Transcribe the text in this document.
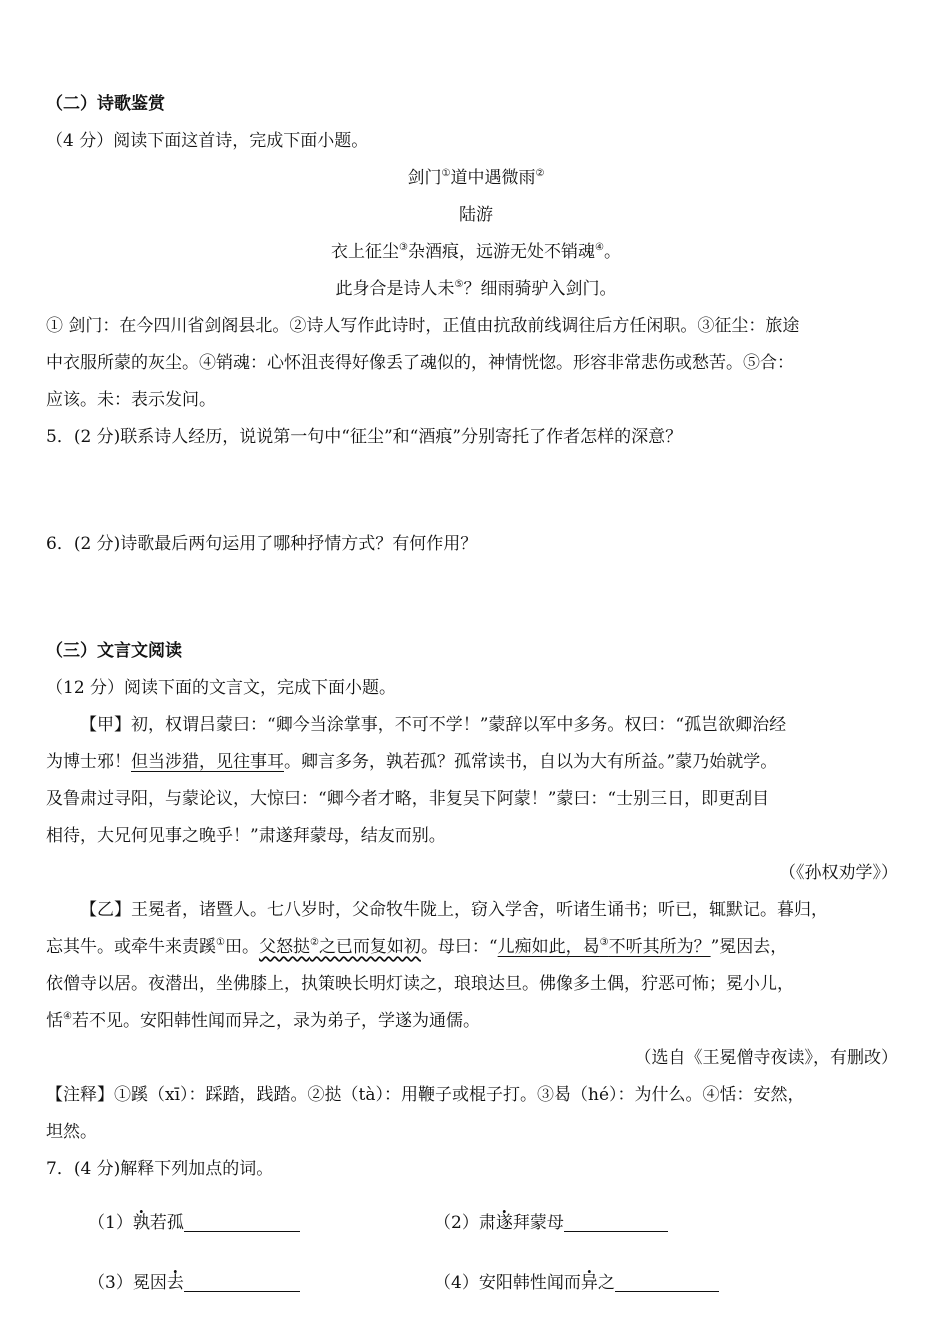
（二）诗歌鉴赏
（4 分）阅读下面这首诗，完成下面小题。
剑门①道中遇微雨②
陆游
衣上征尘③杂酒痕，远游无处不销魂④。
此身合是诗人未⑤？细雨骑驴入剑门。
① 剑门：在今四川省剑阁县北。②诗人写作此诗时，正值由抗敌前线调往后方任闲职。③征尘：旅途
中衣服所蒙的灰尘。④销魂：心怀沮丧得好像丢了魂似的，神情恍惚。形容非常悲伤或愁苦。⑤合：
应该。未：表示发问。
5．(2 分)联系诗人经历，说说第一句中“征尘”和“酒痕”分别寄托了作者怎样的深意？
6．(2 分)诗歌最后两句运用了哪种抒情方式？有何作用？
（三）文言文阅读
（12 分）阅读下面的文言文，完成下面小题。
【甲】初，权谓吕蒙曰：“卿今当涂掌事，不可不学！”蒙辞以军中多务。权曰：“孤岂欲卿治经
为博士邪！但当涉猎，见往事耳。卿言多务，孰若孤？孤常读书，自以为大有所益。”蒙乃始就学。
及鲁肃过寻阳，与蒙论议，大惊曰：“卿今者才略，非复吴下阿蒙！”蒙曰：“士别三日，即更刮目
相待，大兄何见事之晚乎！”肃遂拜蒙母，结友而别。
（《孙权劝学》）
【乙】王冕者，诸暨人。七八岁时，父命牧牛陇上，窃入学舍，听诸生诵书；听已，辄默记。暮归，
忘其牛。或牵牛来责蹊①田。父怒挞②之已而复如初。母曰：“儿痴如此，曷③不听其所为？”冕因去，
依僧寺以居。夜潜出，坐佛膝上，执策映长明灯读之，琅琅达旦。佛像多土偶，狞恶可怖；冕小儿，
恬④若不见。安阳韩性闻而异之，录为弟子，学遂为通儒。
（选自《王冕僧寺夜读》，有删改）
【注释】①蹊（xī）：踩踏，践踏。②挞（tà）：用鞭子或棍子打。③曷（hé）：为什么。④恬：安然，
坦然。
7．(4 分)解释下列加点的词。
（1）孰若孤	（2）肃遂拜蒙母
（3）冕因去	（4）安阳韩性闻而异之
